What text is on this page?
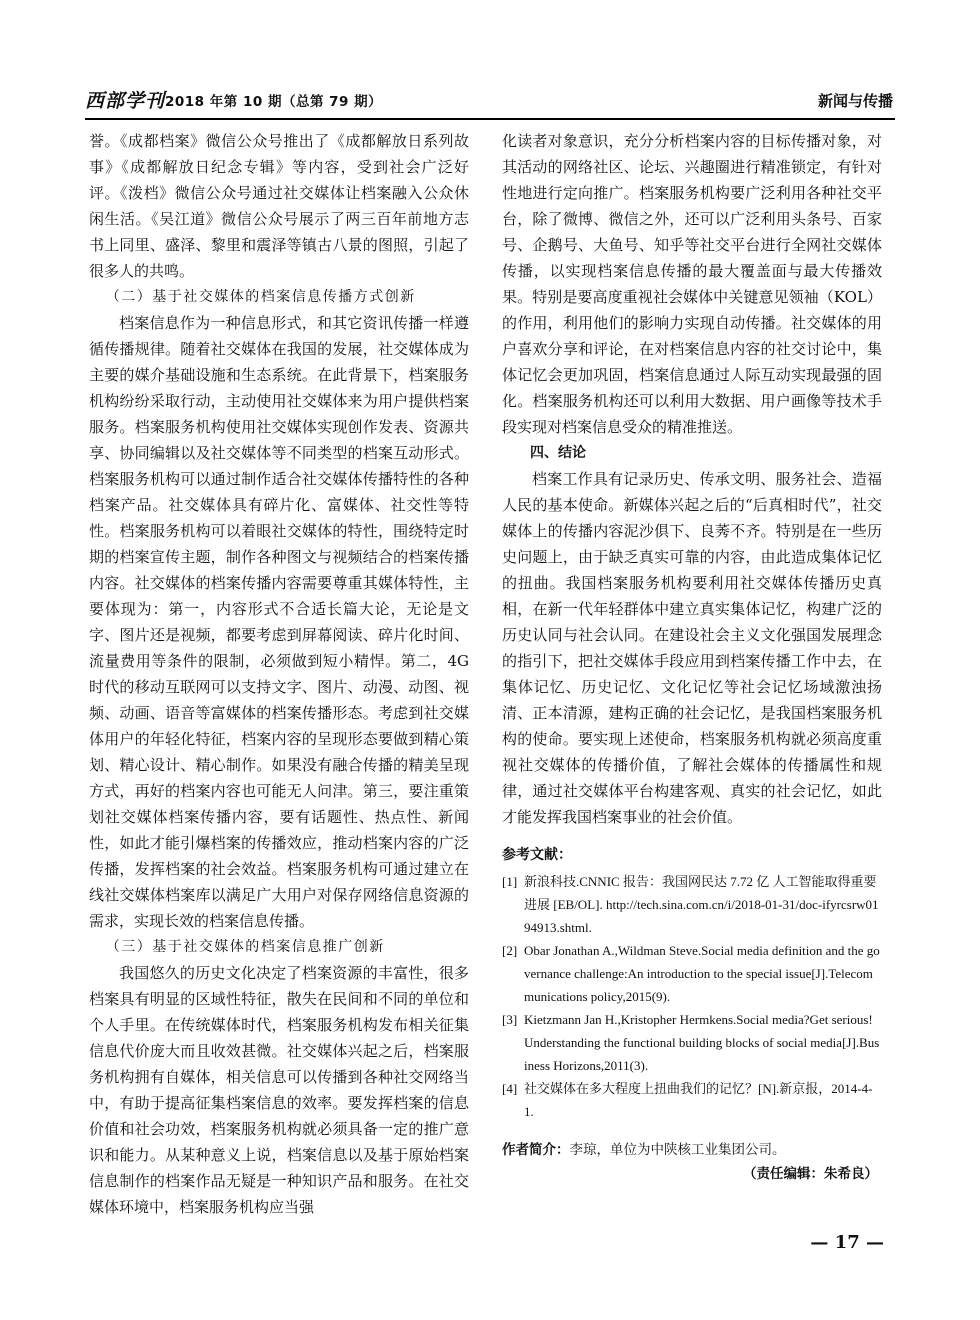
西部学刊 2018 年第 10 期（总第 79 期）	新闻与传播

誉。《成都档案》微信公众号推出了《成都解放日系列故事》《成都解放日纪念专辑》等内容，受到社会广泛好评。《泼档》微信公众号通过社交媒体让档案融入公众休闲生活。《吴江道》微信公众号展示了两三百年前地方志书上同里、盛泽、黎里和震泽等镇古八景的图照，引起了很多人的共鸣。

（二）基于社交媒体的档案信息传播方式创新

档案信息作为一种信息形式，和其它资讯传播一样遵循传播规律。随着社交媒体在我国的发展，社交媒体成为主要的媒介基础设施和生态系统。在此背景下，档案服务机构纷纷采取行动，主动使用社交媒体来为用户提供档案服务。档案服务机构使用社交媒体实现创作发表、资源共享、协同编辑以及社交媒体等不同类型的档案互动形式。档案服务机构可以通过制作适合社交媒体传播特性的各种档案产品。社交媒体具有碎片化、富媒体、社交性等特性。档案服务机构可以着眼社交媒体的特性，围绕特定时期的档案宣传主题，制作各种图文与视频结合的档案传播内容。社交媒体的档案传播内容需要尊重其媒体特性，主要体现为：第一，内容形式不合适长篇大论，无论是文字、图片还是视频，都要考虑到屏幕阅读、碎片化时间、流量费用等条件的限制，必须做到短小精悍。第二，4G 时代的移动互联网可以支持文字、图片、动漫、动图、视频、动画、语音等富媒体的档案传播形态。考虑到社交媒体用户的年轻化特征，档案内容的呈现形态要做到精心策划、精心设计、精心制作。如果没有融合传播的精美呈现方式，再好的档案内容也可能无人问津。第三，要注重策划社交媒体档案传播内容，要有话题性、热点性、新闻性，如此才能引爆档案的传播效应，推动档案内容的广泛传播，发挥档案的社会效益。档案服务机构可通过建立在线社交媒体档案库以满足广大用户对保存网络信息资源的需求，实现长效的档案信息传播。

（三）基于社交媒体的档案信息推广创新

我国悠久的历史文化决定了档案资源的丰富性，很多档案具有明显的区域性特征，散失在民间和不同的单位和个人手里。在传统媒体时代，档案服务机构发布相关征集信息代价庞大而且收效甚微。社交媒体兴起之后，档案服务机构拥有自媒体，相关信息可以传播到各种社交网络当中，有助于提高征集档案信息的效率。要发挥档案的信息价值和社会功效，档案服务机构就必须具备一定的推广意识和能力。从某种意义上说，档案信息以及基于原始档案信息制作的档案作品无疑是一种知识产品和服务。在社交媒体环境中，档案服务机构应当强

化读者对象意识，充分分析档案内容的目标传播对象，对其活动的网络社区、论坛、兴趣圈进行精准锁定，有针对性地进行定向推广。档案服务机构要广泛利用各种社交平台，除了微博、微信之外，还可以广泛利用头条号、百家号、企鹅号、大鱼号、知乎等社交平台进行全网社交媒体传播，以实现档案信息传播的最大覆盖面与最大传播效果。特别是要高度重视社会媒体中关键意见领袖（KOL）的作用，利用他们的影响力实现自动传播。社交媒体的用户喜欢分享和评论，在对档案信息内容的社交讨论中，集体记忆会更加巩固，档案信息通过人际互动实现最强的固化。档案服务机构还可以利用大数据、用户画像等技术手段实现对档案信息受众的精准推送。

四、结论

档案工作具有记录历史、传承文明、服务社会、造福人民的基本使命。新媒体兴起之后的“后真相时代”，社交媒体上的传播内容泥沙俱下、良莠不齐。特别是在一些历史问题上，由于缺乏真实可靠的内容，由此造成集体记忆的扭曲。我国档案服务机构要利用社交媒体传播历史真相，在新一代年轻群体中建立真实集体记忆，构建广泛的历史认同与社会认同。在建设社会主义文化强国发展理念的指引下，把社交媒体手段应用到档案传播工作中去，在集体记忆、历史记忆、文化记忆等社会记忆场域激浊扬清、正本清源，建构正确的社会记忆，是我国档案服务机构的使命。要实现上述使命，档案服务机构就必须高度重视社交媒体的传播价值，了解社会媒体的传播属性和规律，通过社交媒体平台构建客观、真实的社会记忆，如此才能发挥我国档案事业的社会价值。

参考文献：
[1] 新浪科技.CNNIC 报告：我国网民达 7.72 亿 人工智能取得重要进展 [EB/OL]. http://tech.sina.com.cn/i/2018-01-31/doc-ifyrcsrw0194913.shtml.
[2] Obar Jonathan A.,Wildman Steve.Social media definition and the governance challenge:An introduction to the special issue[J].Telecommunications policy,2015(9).
[3] Kietzmann Jan H.,Kristopher Hermkens.Social media?Get serious!Understanding the functional building blocks of social media[J].Business Horizons,2011(3).
[4] 社交媒体在多大程度上扭曲我们的记忆？[N].新京报，2014-4-1.
作者简介：李琼，单位为中陕核工业集团公司。
（责任编辑：朱希良）
— 17 —
